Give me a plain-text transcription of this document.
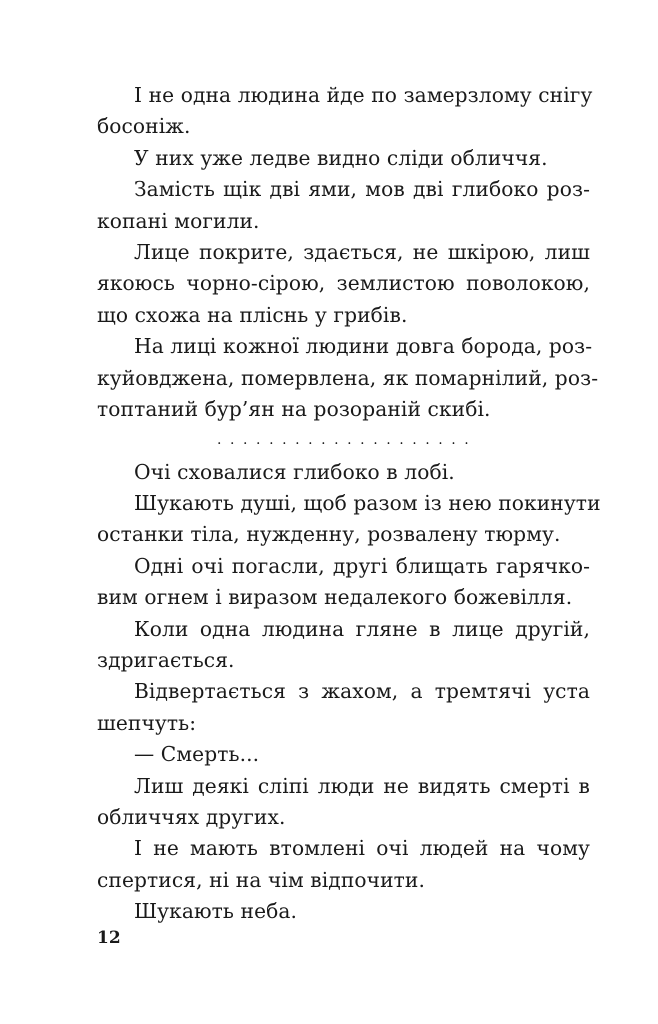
І не одна людина йде по замерзлому снігу
босоніж.
У них уже ледве видно сліди обличчя.
Замість щік дві ями, мов дві глибоко роз-
копані могили.
Лице покрите, здається, не шкірою, лиш
якоюсь чорно-сірою, землистою поволокою,
що схожа на пліснь у грибів.
На лиці кожної людини довга борода, роз-
куйовджена, помервлена, як помарнілий, роз-
топтаний бур’ян на розораній скибі.
. . . . . . . . . . . . . . . . . . . .
Очі сховалися глибоко в лобі.
Шукають душі, щоб разом із нею покинути
останки тіла, нужденну, розвалену тюрму.
Одні очі погасли, другі блищать гарячко-
вим огнем і виразом недалекого божевілля.
Коли одна людина гляне в лице другій,
здригається.
Відвертається з жахом, а тремтячі уста
шепчуть:
— Смерть...
Лиш деякі сліпі люди не видять смерті в
обличчях других.
І не мають втомлені очі людей на чому
спертися, ні на чім відпочити.
Шукають неба.
12
